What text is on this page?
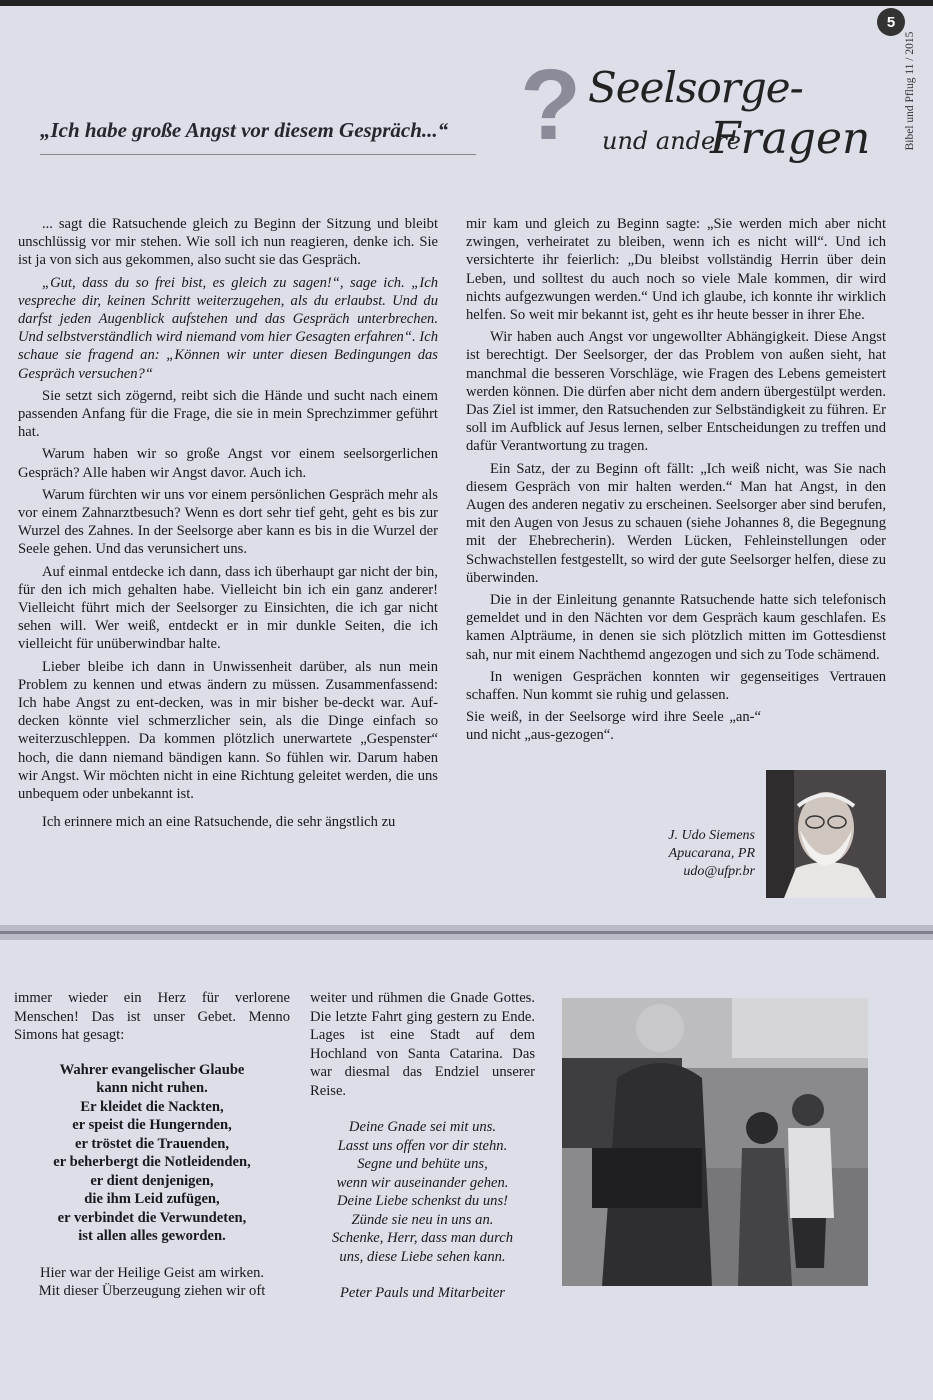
5
Bibel und Pflug 11 / 2015
„Ich habe große Angst vor diesem Gespräch...“ ? Seelsorge-
und andere
Fragen

... sagt die Ratsuchende gleich zu Beginn der Sitzung und bleibt unschlüssig vor mir stehen. Wie soll ich nun reagieren, denke ich. Sie ist ja von sich aus gekommen, also sucht sie das Gespräch.

„Gut, dass du so frei bist, es gleich zu sagen!“, sage ich. „Ich vespreche dir, keinen Schritt weiterzugehen, als du erlaubst. Und du darfst jeden Augenblick aufstehen und das Gespräch unterbrechen. Und selbstverständlich wird niemand vom hier Gesagten erfahren“. Ich schaue sie fragend an: „Können wir unter diesen Bedingungen das Gespräch versuchen?“

Sie setzt sich zögernd, reibt sich die Hände und sucht nach einem passenden Anfang für die Frage, die sie in mein Sprechzimmer geführt hat.

Warum haben wir so große Angst vor einem seelsorgerlichen Gespräch? Alle haben wir Angst davor. Auch ich.

Warum fürchten wir uns vor einem persönlichen Gespräch mehr als vor einem Zahnarztbesuch? Wenn es dort sehr tief geht, geht es bis zur Wurzel des Zahnes. In der Seelsorge aber kann es bis in die Wurzel der Seele gehen. Und das verunsichert uns.

Auf einmal entdecke ich dann, dass ich überhaupt gar nicht der bin, für den ich mich gehalten habe. Vielleicht bin ich ein ganz anderer! Vielleicht führt mich der Seelsorger zu Einsichten, die ich gar nicht sehen will. Wer weiß, entdeckt er in mir dunkle Seiten, die ich vielleicht für unüberwindbar halte.

Lieber bleibe ich dann in Unwissenheit darüber, als nun mein Problem zu kennen und etwas ändern zu müssen. Zusammenfassend: Ich habe Angst zu ent-decken, was in mir bisher be-deckt war. Auf-decken könnte viel schmerzlicher sein, als die Dinge einfach so weiterzuschleppen. Da kommen plötzlich unerwartete „Gespenster“ hoch, die dann niemand bändigen kann. So fühlen wir. Darum haben wir Angst. Wir möchten nicht in eine Richtung geleitet werden, die uns unbequem oder unbekannt ist.

Ich erinnere mich an eine Ratsuchende, die sehr ängstlich zu

mir kam und gleich zu Beginn sagte: „Sie werden mich aber nicht zwingen, verheiratet zu bleiben, wenn ich es nicht will“. Und ich versichterte ihr feierlich: „Du bleibst vollständig Herrin über dein Leben, und solltest du auch noch so viele Male kommen, dir wird nichts aufgezwungen werden.“ Und ich glaube, ich konnte ihr wirklich helfen. So weit mir bekannt ist, geht es ihr heute besser in ihrer Ehe.

Wir haben auch Angst vor ungewollter Abhängigkeit. Diese Angst ist berechtigt. Der Seelsorger, der das Problem von außen sieht, hat manchmal die besseren Vorschläge, wie Fragen des Lebens gemeistert werden können. Die dürfen aber nicht dem andern übergestülpt werden. Das Ziel ist immer, den Ratsuchenden zur Selbständigkeit zu führen. Er soll im Aufblick auf Jesus lernen, selber Entscheidungen zu treffen und dafür Verantwortung zu tragen.

Ein Satz, der zu Beginn oft fällt: „Ich weiß nicht, was Sie nach diesem Gespräch von mir halten werden.“ Man hat Angst, in den Augen des anderen negativ zu erscheinen. Seelsorger aber sind berufen, mit den Augen von Jesus zu schauen (siehe Johannes 8, die Begegnung mit der Ehebrecherin). Werden Lücken, Fehleinstellungen oder Schwachstellen festgestellt, so wird der gute Seelsorger helfen, diese zu überwinden.

Die in der Einleitung genannte Ratsuchende hatte sich telefonisch gemeldet und in den Nächten vor dem Gespräch kaum geschlafen. Es kamen Alpträume, in denen sie sich plötzlich mitten im Gottesdienst sah, nur mit einem Nachthemd angezogen und sich zu Tode schämend.

In wenigen Gesprächen konnten wir gegenseitiges Vertrauen schaffen. Nun kommt sie ruhig und gelassen.

Sie weiß, in der Seelsorge wird ihre Seele „an-“ und nicht „aus-gezogen“.

J. Udo Siemens
Apucarana, PR
udo@ufpr.br

immer wieder ein Herz für verlorene Menschen! Das ist unser Gebet. Menno Simons hat gesagt:

Wahrer evangelischer Glaube

kann nicht ruhen.

Er kleidet die Nackten,

er speist die Hungernden,

er tröstet die Trauenden,

er beherbergt die Notleidenden,

er dient denjenigen,

die ihm Leid zufügen,

er verbindet die Verwundeten,

ist allen alles geworden.

Hier war der Heilige Geist am wirken.

Mit dieser Überzeugung ziehen wir oft

weiter und rühmen die Gnade Gottes. Die letzte Fahrt ging gestern zu Ende. Lages ist eine Stadt auf dem Hochland von Santa Catarina. Das war diesmal das Endziel unserer Reise.

Deine Gnade sei mit uns.

Lasst uns offen vor dir stehn.

Segne und behüte uns,

wenn wir auseinander gehen.

Deine Liebe schenkst du uns!

Zünde sie neu in uns an.

Schenke, Herr, dass man durch

uns, diese Liebe sehen kann.

Peter Pauls und Mitarbeiter
